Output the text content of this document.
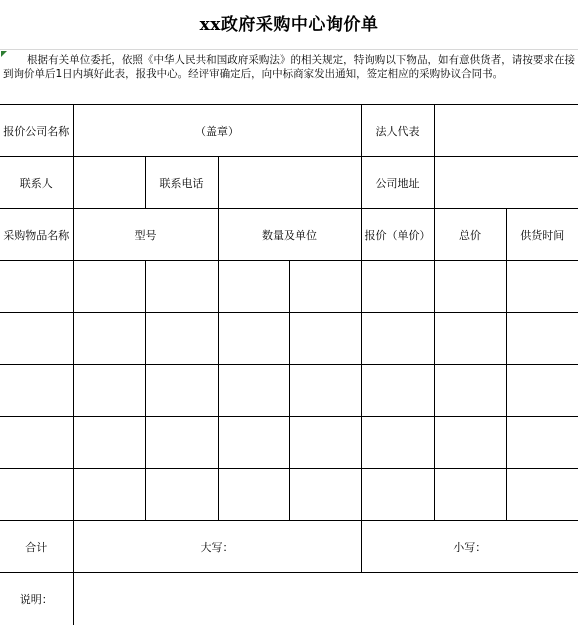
xx政府采购中心询价单
根据有关单位委托，依照《中华人民共和国政府采购法》的相关规定，特询购以下物品，如有意供货者，请按要求在接到询价单后1日内填好此表，报我中心。经评审确定后，向中标商家发出通知，签定相应的采购协议合同书。
报价公司名称	（盖章）				法人代表		
联系人		联系电话			公司地址		
采购物品名称	型号		数量及单位		报价（单价）	总价	供货时间

合计	大写：				小写：		
说明：							
